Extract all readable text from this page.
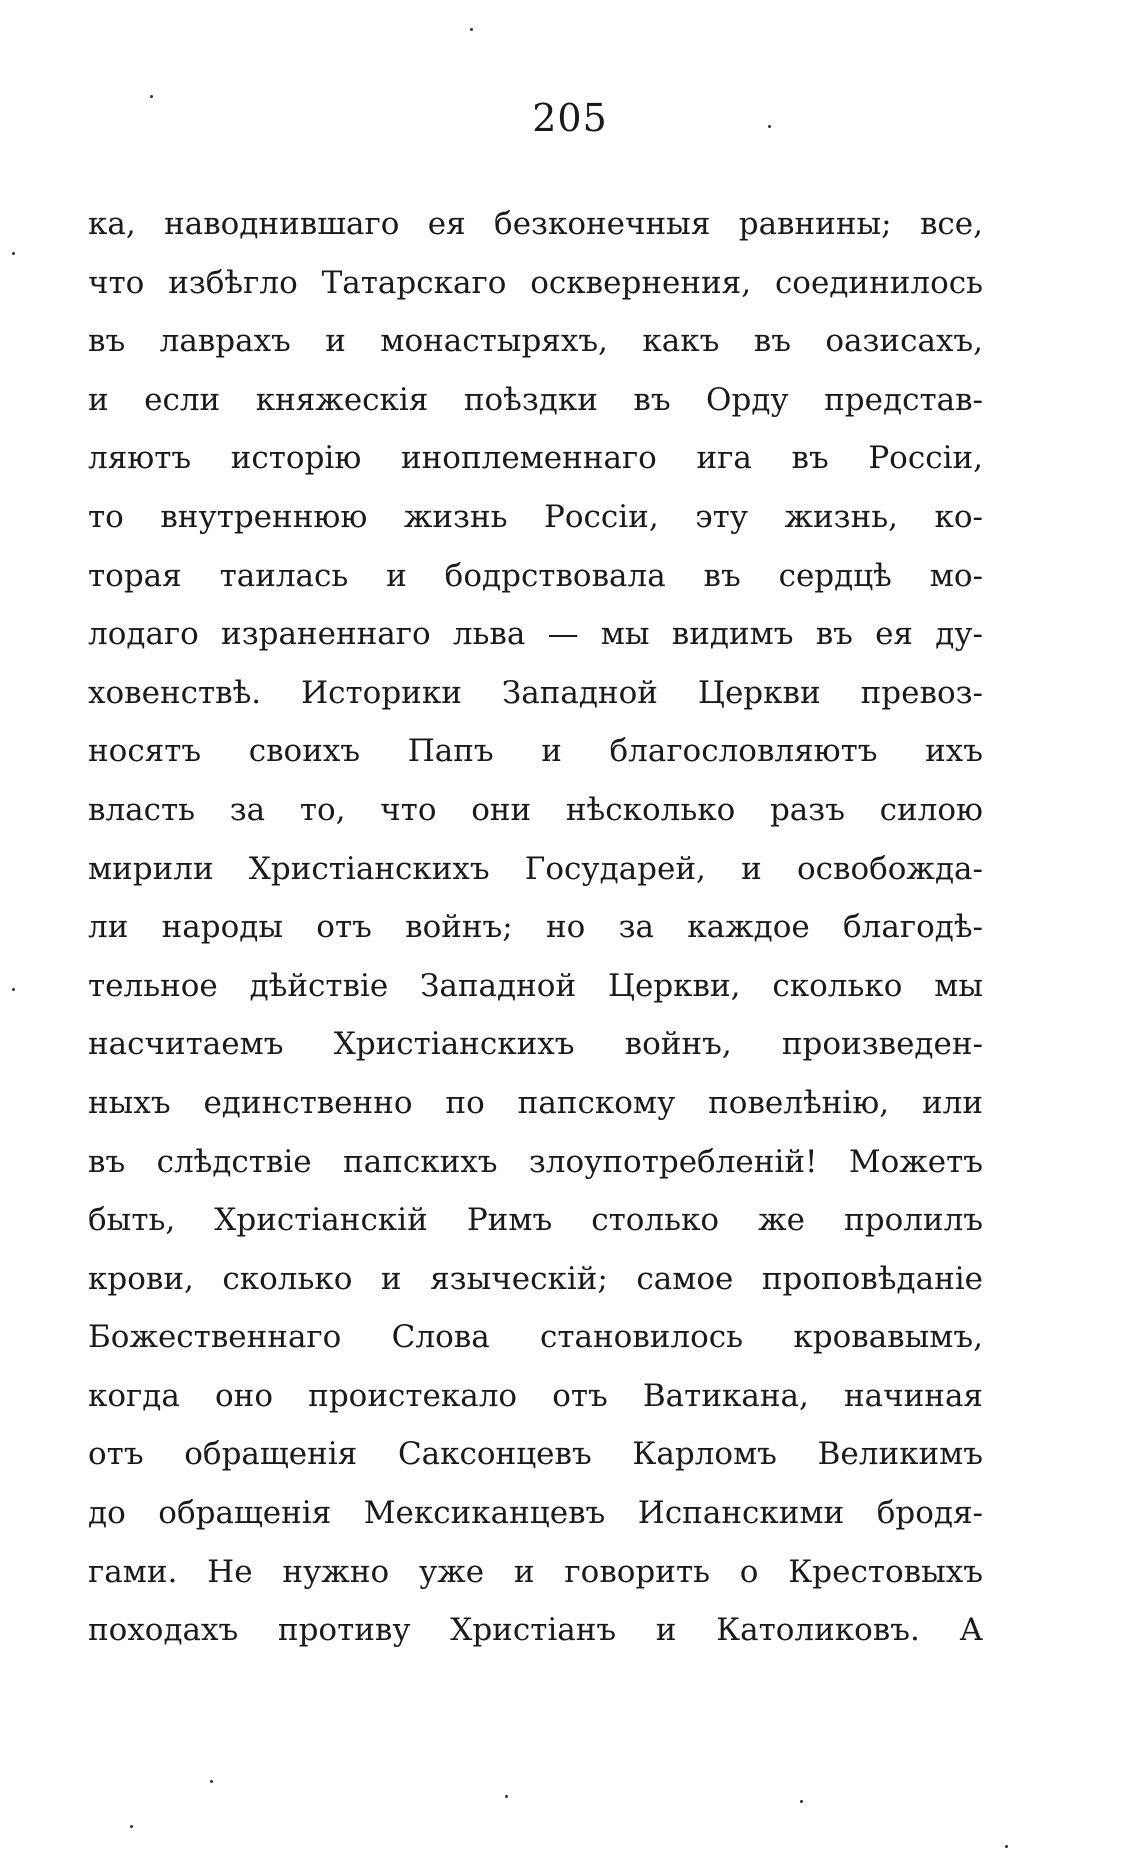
205
ка, наводнившаго ея безконечныя равнины; все,
что избѣгло Татарскаго осквернения, соединилось
въ лаврахъ и монастыряхъ, какъ въ оазисахъ,
и если княжескія поѣздки въ Орду представ-
ляютъ исторію иноплеменнаго ига въ Россіи,
то внутреннюю жизнь Россіи, эту жизнь, ко-
торая таилась и бодрствовала въ сердцѣ мо-
лодаго израненнаго льва — мы видимъ въ ея ду-
ховенствѣ. Историки Западной Церкви превоз-
носятъ своихъ Папъ и благословляютъ ихъ
власть за то, что они нѣсколько разъ силою
мирили Христіанскихъ Государей, и освобожда-
ли народы отъ войнъ; но за каждое благодѣ-
тельное дѣйствіе Западной Церкви, сколько мы
насчитаемъ Христіанскихъ войнъ, произведен-
ныхъ единственно по папскому повелѣнію, или
въ слѣдствіе папскихъ злоупотребленій! Можетъ
быть, Христіанскій Римъ столько же пролилъ
крови, сколько и языческій; самое проповѣданіе
Божественнаго Слова становилось кровавымъ,
когда оно проистекало отъ Ватикана, начиная
отъ обращенія Саксонцевъ Карломъ Великимъ
до обращенія Мексиканцевъ Испанскими бродя-
гами. Не нужно уже и говорить о Крестовыхъ
походахъ противу Христіанъ и Католиковъ. А
